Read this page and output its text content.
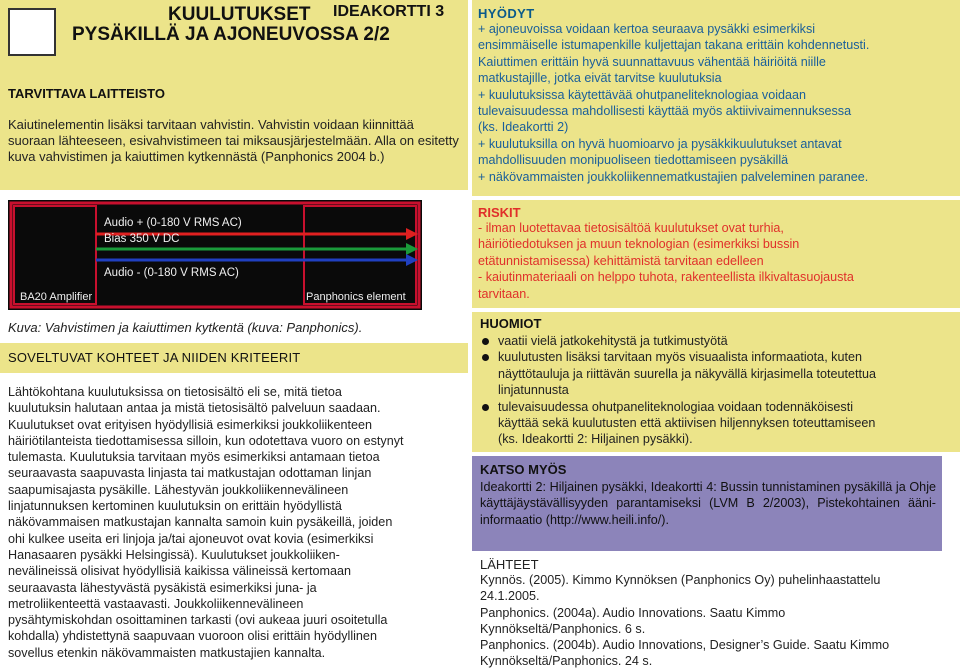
KUULUTUKSET IDEAKORTTI 3
PYSÄKILLÄ JA AJONEUVOSSA 2/2
TARVITTAVA LAITTEISTO
Kaiutinelementin lisäksi tarvitaan vahvistin. Vahvistin voidaan kiinnittää suoraan lähteeseen, esivahvistimeen tai miksausjärjestelmään. Alla on esitetty kuva vahvistimen ja kaiuttimen kytkennästä (Panphonics 2004 b.)
Audio + (0-180 V RMS AC)
Bias 350 V DC
Audio - (0-180 V RMS AC)
BA20 Amplifier	Panphonics element
Kuva: Vahvistimen ja kaiuttimen kytkentä (kuva: Panphonics).
SOVELTUVAT KOHTEET JA NIIDEN KRITEERIT
Lähtökohtana kuulutuksissa on tietosisältö eli se, mitä tietoa
kuulutuksin halutaan antaa ja mistä tietosisältö palveluun saadaan.
Kuulutukset ovat erityisen hyödyllisiä esimerkiksi joukkoliikenteen
häiriötilanteista tiedottamisessa silloin, kun odotettava vuoro on estynyt
tulemasta. Kuulutuksia tarvitaan myös esimerkiksi antamaan tietoa
seuraavasta saapuvasta linjasta tai matkustajan odottaman linjan
saapumisajasta pysäkille. Lähestyvän joukkoliikennevälineen
linjatunnuksen kertominen kuulutuksin on erittäin hyödyllistä
näkövammaisen matkustajan kannalta samoin kuin pysäkeillä, joiden
ohi kulkee useita eri linjoja ja/tai ajoneuvot ovat kovia (esimerkiksi
Hanasaaren pysäkki Helsingissä). Kuulutukset joukkoliiken-
nevälineissä olisivat hyödyllisiä kaikissa välineissä kertomaan
seuraavasta lähestyvästä pysäkistä esimerkiksi juna- ja
metroliikenteettä vastaavasti. Joukkoliikennevälineen
pysähtymiskohdan osoittaminen tarkasti (ovi aukeaa juuri osoitetulla
kohdalla) yhdistettynä saapuvaan vuoroon olisi erittäin hyödyllinen
sovellus etenkin näkövammaisten matkustajien kannalta.
HYÖDYT
+ ajoneuvoissa voidaan kertoa seuraava pysäkki esimerkiksi
ensimmäiselle istumapenkille kuljettajan takana erittäin kohdennetusti.
Kaiuttimen erittäin hyvä suunnattavuus vähentää häiriöitä niille
matkustajille, jotka eivät tarvitse kuulutuksia
+ kuulutuksissa käytettävää ohutpaneliteknologiaa voidaan
tulevaisuudessa mahdollisesti käyttää myös aktiivivaimennuksessa
(ks. Ideakortti 2)
+ kuulutuksilla on hyvä huomioarvo ja pysäkkikuulutukset antavat
mahdollisuuden monipuoliseen tiedottamiseen pysäkillä
+ näkövammaisten joukkoliikennematkustajien palveleminen paranee.
RISKIT
- ilman luotettavaa tietosisältöä kuulutukset ovat turhia,
häiriötiedotuksen ja muun teknologian (esimerkiksi bussin
etätunnistamisessa) kehittämistä tarvitaan edelleen
- kaiutinmateriaali on helppo tuhota, rakenteellista ilkivaltasuojausta
tarvitaan.
HUOMIOT
vaatii vielä jatkokehitystä ja tutkimustyötä
kuulutusten lisäksi tarvitaan myös visuaalista informaatiota, kuten
näyttötauluja ja riittävän suurella ja näkyvällä kirjasimella toteutettua
linjatunnusta
tulevaisuudessa ohutpaneliteknologiaa voidaan todennäköisesti
käyttää sekä kuulutusten että aktiivisen hiljennyksen toteuttamiseen
(ks. Ideakortti 2: Hiljainen pysäkki).
KATSO MYÖS
Ideakortti 2: Hiljainen pysäkki, Ideakortti 4: Bussin tunnistaminen pysäkillä ja Ohje käyttäjäystävällisyyden parantamiseksi (LVM B 2/2003), Pistekohtainen ääni-informaatio (http://www.heili.info/).
LÄHTEET
Kynnös. (2005). Kimmo Kynnöksen (Panphonics Oy) puhelinhaastattelu
24.1.2005.
Panphonics. (2004a). Audio Innovations. Saatu Kimmo
Kynnökseltä/Panphonics. 6 s.
Panphonics. (2004b). Audio Innovations, Designer’s Guide. Saatu Kimmo
Kynnökseltä/Panphonics. 24 s.
